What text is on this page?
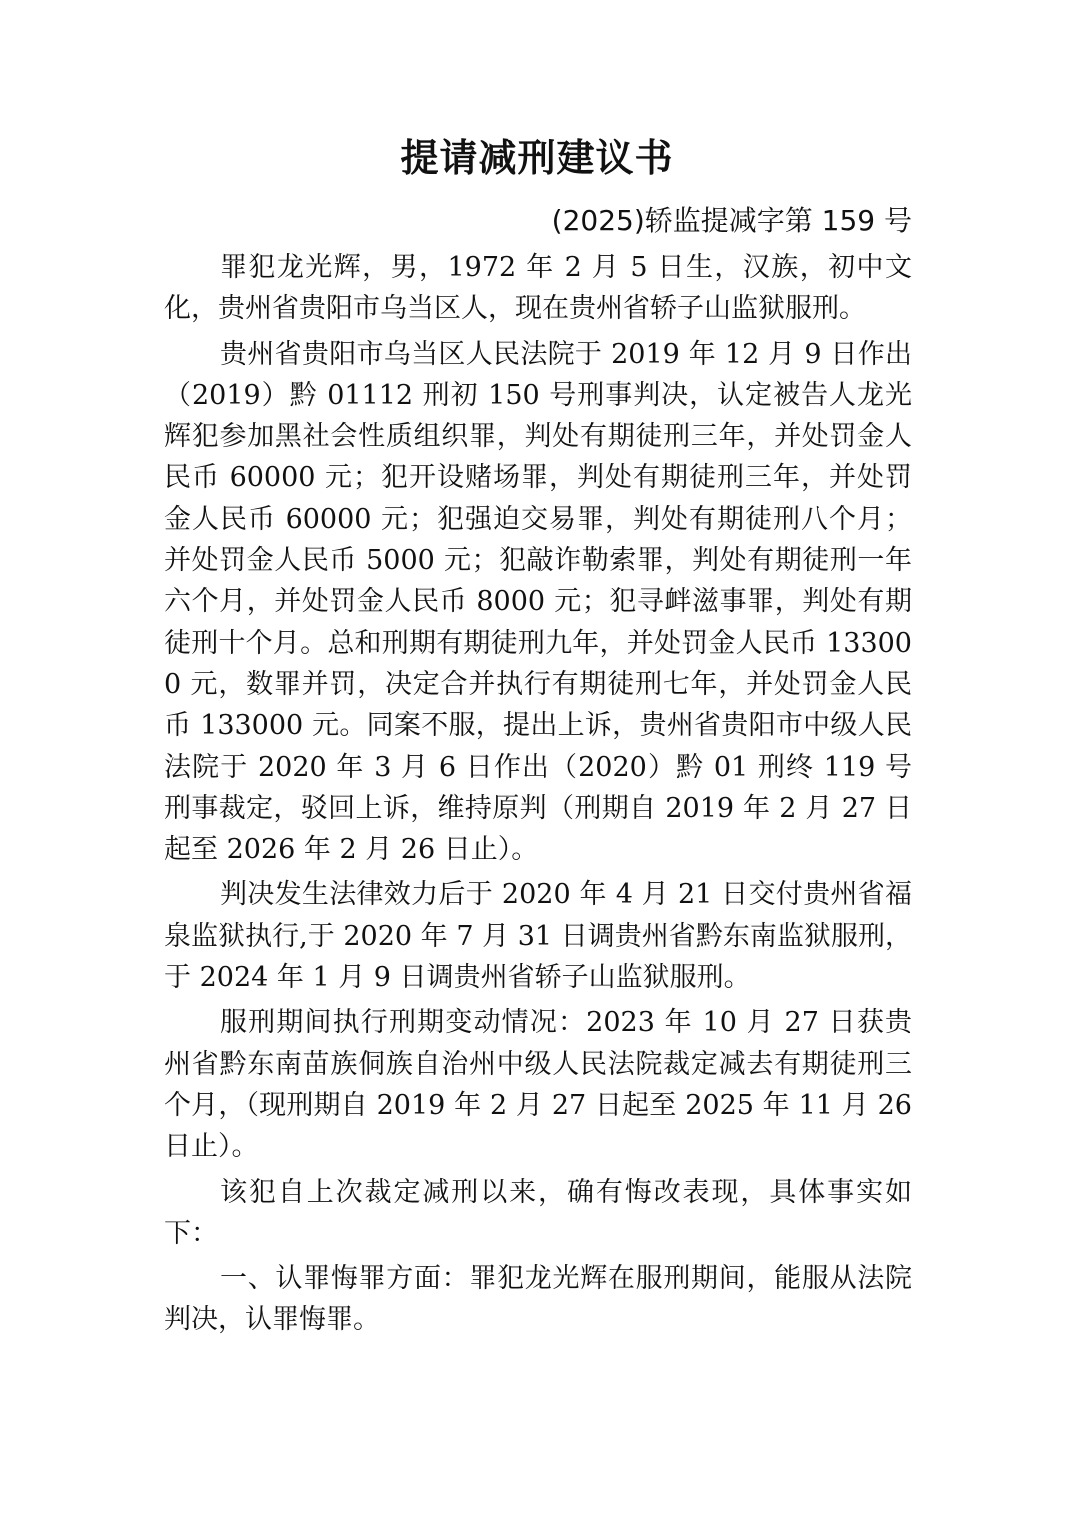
提请减刑建议书
(2025)轿监提减字第 159 号

罪犯龙光辉，男，1972 年 2 月 5 日生，汉族，初中文化，贵州省贵阳市乌当区人，现在贵州省轿子山监狱服刑。

贵州省贵阳市乌当区人民法院于 2019 年 12 月 9 日作出（2019）黔 01112 刑初 150 号刑事判决，认定被告人龙光辉犯参加黑社会性质组织罪，判处有期徒刑三年，并处罚金人民币 60000 元；犯开设赌场罪，判处有期徒刑三年，并处罚金人民币 60000 元；犯强迫交易罪，判处有期徒刑八个月；并处罚金人民币 5000 元；犯敲诈勒索罪，判处有期徒刑一年六个月，并处罚金人民币 8000 元；犯寻衅滋事罪，判处有期徒刑十个月。总和刑期有期徒刑九年，并处罚金人民币 133000 元，数罪并罚，决定合并执行有期徒刑七年，并处罚金人民币 133000 元。同案不服，提出上诉，贵州省贵阳市中级人民法院于 2020 年 3 月 6 日作出（2020）黔 01 刑终 119 号刑事裁定，驳回上诉，维持原判（刑期自 2019 年 2 月 27 日起至 2026 年 2 月 26 日止）。

判决发生法律效力后于 2020 年 4 月 21 日交付贵州省福泉监狱执行,于 2020 年 7 月 31 日调贵州省黔东南监狱服刑，于 2024 年 1 月 9 日调贵州省轿子山监狱服刑。

服刑期间执行刑期变动情况：2023 年 10 月 27 日获贵州省黔东南苗族侗族自治州中级人民法院裁定减去有期徒刑三个月，（现刑期自 2019 年 2 月 27 日起至 2025 年 11 月 26 日止）。

该犯自上次裁定减刑以来，确有悔改表现，具体事实如下：

一、认罪悔罪方面：罪犯龙光辉在服刑期间，能服从法院判决，认罪悔罪。
